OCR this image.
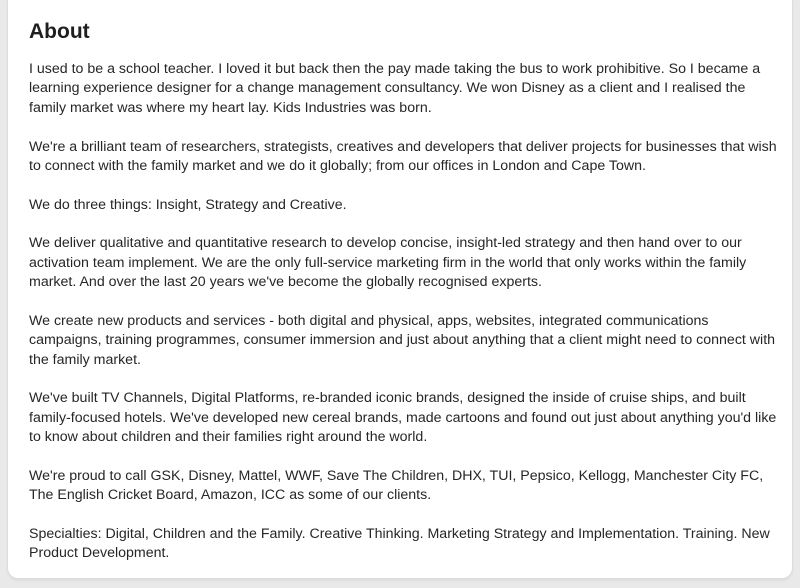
About

I used to be a school teacher. I loved it but back then the pay made taking the bus to work prohibitive. So I became a learning experience designer for a change management consultancy. We won Disney as a client and I realised the family market was where my heart lay. Kids Industries was born.

We're a brilliant team of researchers, strategists, creatives and developers that deliver projects for businesses that wish to connect with the family market and we do it globally; from our offices in London and Cape Town.

We do three things: Insight, Strategy and Creative.

We deliver qualitative and quantitative research to develop concise, insight-led strategy and then hand over to our activation team implement. We are the only full-service marketing firm in the world that only works within the family market. And over the last 20 years we've become the globally recognised experts.

We create new products and services - both digital and physical, apps, websites, integrated communications campaigns, training programmes, consumer immersion and just about anything that a client might need to connect with the family market.

We've built TV Channels, Digital Platforms, re-branded iconic brands, designed the inside of cruise ships, and built family-focused hotels. We've developed new cereal brands, made cartoons and found out just about anything you'd like to know about children and their families right around the world.

We're proud to call GSK, Disney, Mattel, WWF, Save The Children, DHX, TUI, Pepsico, Kellogg, Manchester City FC, The English Cricket Board, Amazon, ICC as some of our clients.

Specialties: Digital, Children and the Family. Creative Thinking. Marketing Strategy and Implementation. Training. New Product Development.
